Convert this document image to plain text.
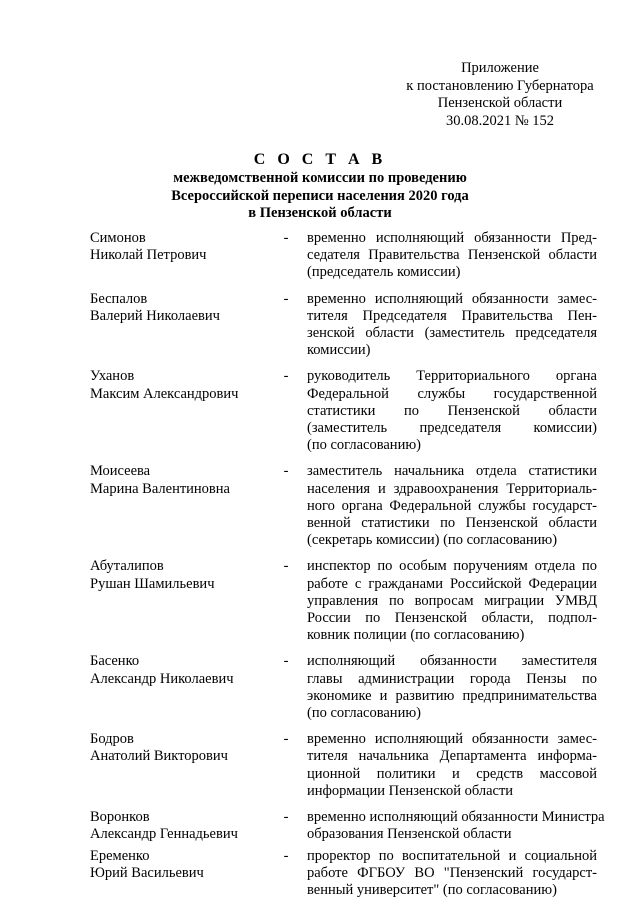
Приложение
к постановлению Губернатора
Пензенской области
30.08.2021 № 152
С О С Т А В
межведомственной комиссии по проведению
Всероссийской переписи населения 2020 года
в Пензенской области
Симонов
Николай Петрович
- временно исполняющий обязанности Пред-
седателя Правительства Пензенской области
(председатель комиссии)
Беспалов
Валерий Николаевич
- временно исполняющий обязанности замес-
тителя Председателя Правительства Пен-
зенской области (заместитель председателя
комиссии)
Уханов
Максим Александрович
- руководитель Территориального органа
Федеральной службы государственной
статистики по Пензенской области
(заместитель председателя комиссии)
(по согласованию)
Моисеева
Марина Валентиновна
- заместитель начальника отдела статистики
населения и здравоохранения Территориаль-
ного органа Федеральной службы государст-
венной статистики по Пензенской области
(секретарь комиссии) (по согласованию)
Абуталипов
Рушан Шамильевич
- инспектор по особым поручениям отдела по
работе с гражданами Российской Федерации
управления по вопросам миграции УМВД
России по Пензенской области, подпол-
ковник полиции (по согласованию)
Басенко
Александр Николаевич
- исполняющий обязанности заместителя
главы администрации города Пензы по
экономике и развитию предпринимательства
(по согласованию)
Бодров
Анатолий Викторович
- временно исполняющий обязанности замес-
тителя начальника Департамента информа-
ционной политики и средств массовой
информации Пензенской области
Воронков
Александр Геннадьевич
- временно исполняющий обязанности Министра
образования Пензенской области
Еременко
Юрий Васильевич
- проректор по воспитательной и социальной
работе ФГБОУ ВО "Пензенский государст-
венный университет" (по согласованию)
